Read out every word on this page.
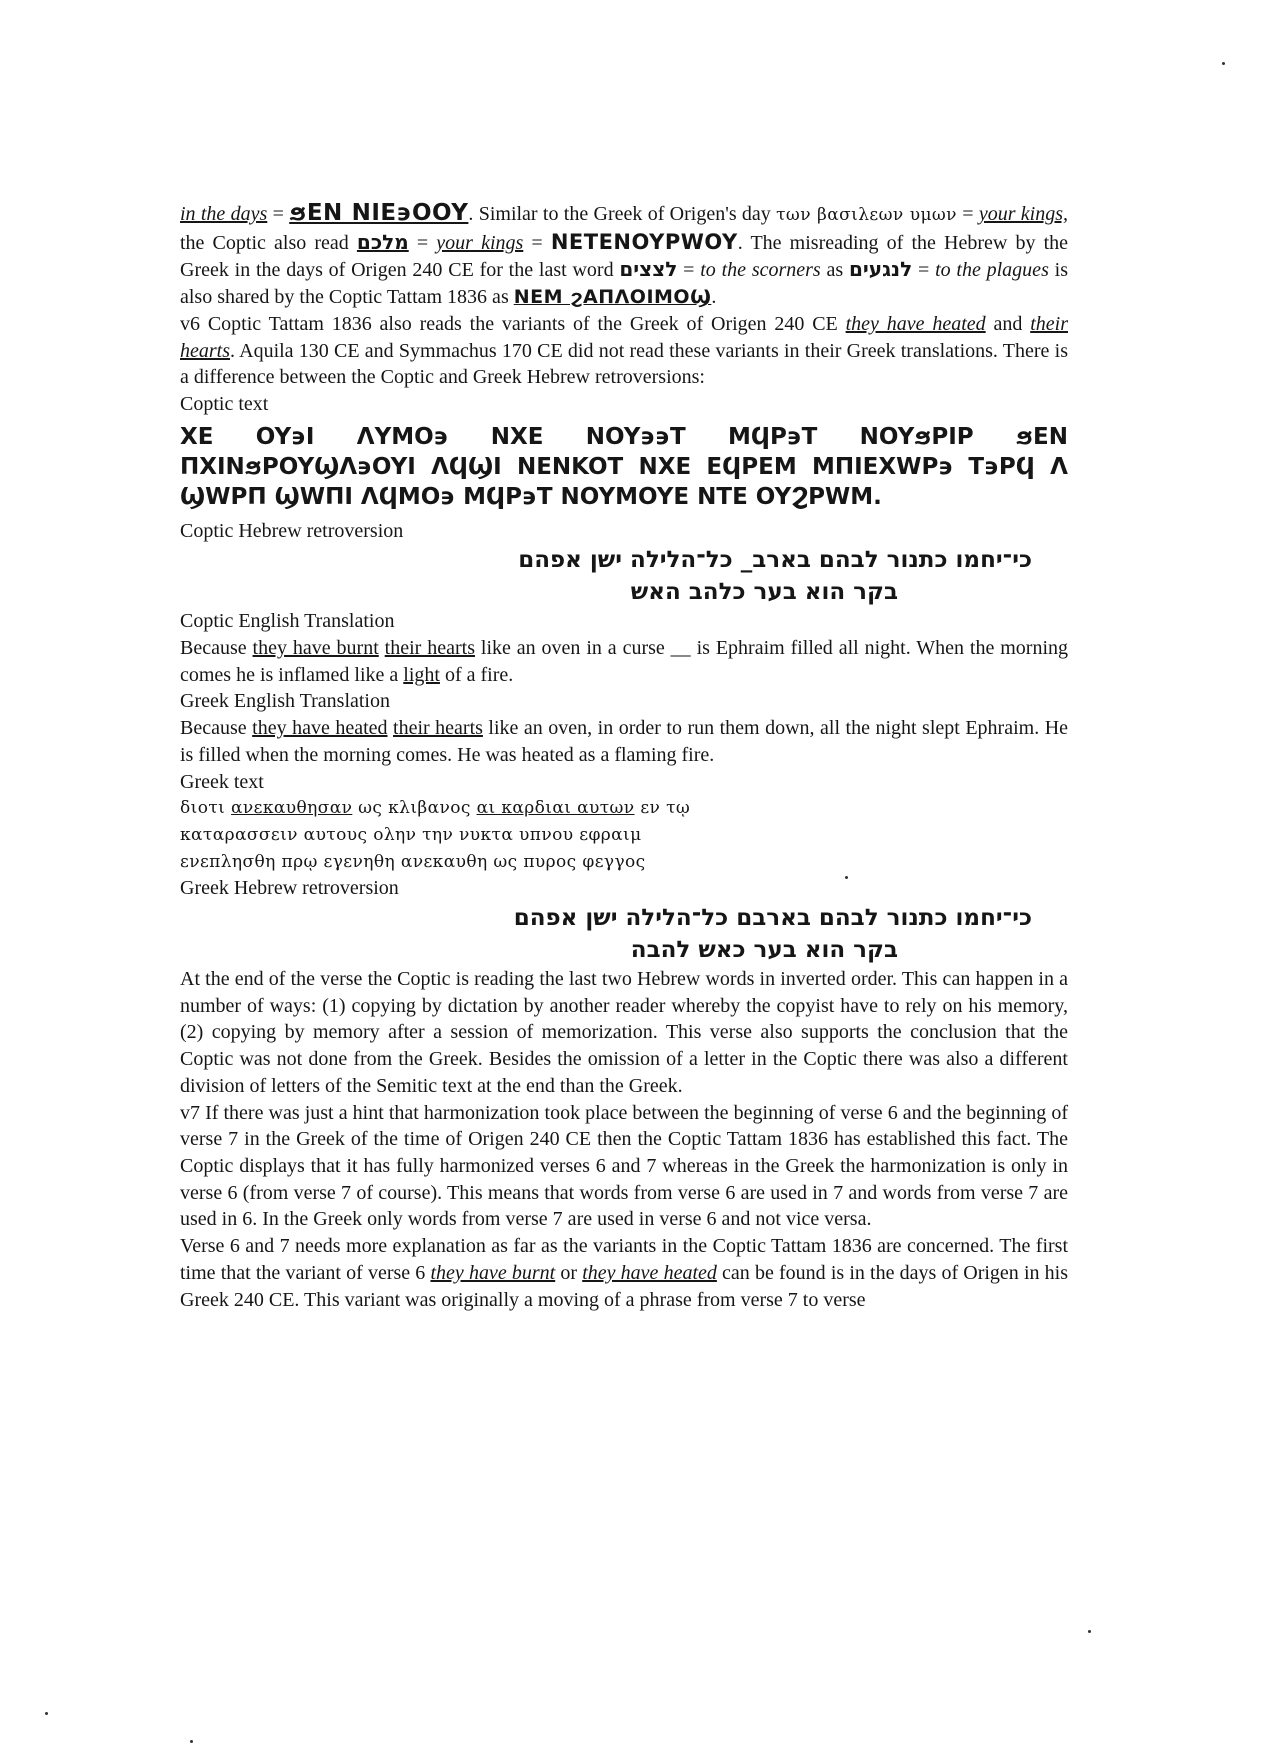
in the days = ϧEN NIE϶OOY. Similar to the Greek of Origen's day των βασιλεων υμων = your kings, the Coptic also read מלכם = your kings = NETENOYPWOY. The misreading of the Hebrew by the Greek in the days of Origen 240 CE for the last word לצצים = to the scorners as לנגעים = to the plagues is also shared by the Coptic Tattam 1836 as NEM ϩAΠΛOIMOϢ.

v6 Coptic Tattam 1836 also reads the variants of the Greek of Origen 240 CE they have heated and their hearts. Aquila 130 CE and Symmachus 170 CE did not read these variants in their Greek translations. There is a difference between the Coptic and Greek Hebrew retroversions:

Coptic text
XE OY϶I ΛYMO϶ NXE NOY϶϶T MϤP϶T NOYϧPIP ϧEN ΠXINϧPOYϢΛ϶OYI ΛϤϢI NENKOT NXE EϤPEM MΠIEXWP϶ T϶PϤ Λ ϢWPΠ ϢWΠI ΛϤMO϶ MϤP϶T NOYMOYE NTE OYϨPWM.
Coptic Hebrew retroversion
כי־יחמו כתנור לבהם בארב_ כל־הלילה ישן אפהם
בקר הוא בער כלהב האש
Coptic English Translation

Because they have burnt their hearts like an oven in a curse __ is Ephraim filled all night. When the morning comes he is inflamed like a light of a fire.

Greek English Translation

Because they have heated their hearts like an oven, in order to run them down, all the night slept Ephraim. He is filled when the morning comes. He was heated as a flaming fire.

Greek text
διοτι ανεκαυθησαν ως κλιβανος αι καρδιαι αυτων εν τῳ
καταρασσειν αυτους ολην την νυκτα υπνου εφραιμ
ενεπλησθη πρῳ εγενηθη ανεκαυθη ως πυρος φεγγος
Greek Hebrew retroversion
כי־יחמו כתנור לבהם בארבם כל־הלילה ישן אפהם
בקר הוא בער כאש להבה

At the end of the verse the Coptic is reading the last two Hebrew words in inverted order. This can happen in a number of ways: (1) copying by dictation by another reader whereby the copyist have to rely on his memory, (2) copying by memory after a session of memorization. This verse also supports the conclusion that the Coptic was not done from the Greek. Besides the omission of a letter in the Coptic there was also a different division of letters of the Semitic text at the end than the Greek.

v7 If there was just a hint that harmonization took place between the beginning of verse 6 and the beginning of verse 7 in the Greek of the time of Origen 240 CE then the Coptic Tattam 1836 has established this fact. The Coptic displays that it has fully harmonized verses 6 and 7 whereas in the Greek the harmonization is only in verse 6 (from verse 7 of course). This means that words from verse 6 are used in 7 and words from verse 7 are used in 6. In the Greek only words from verse 7 are used in verse 6 and not vice versa.

Verse 6 and 7 needs more explanation as far as the variants in the Coptic Tattam 1836 are concerned. The first time that the variant of verse 6 they have burnt or they have heated can be found is in the days of Origen in his Greek 240 CE. This variant was originally a moving of a phrase from verse 7 to verse
